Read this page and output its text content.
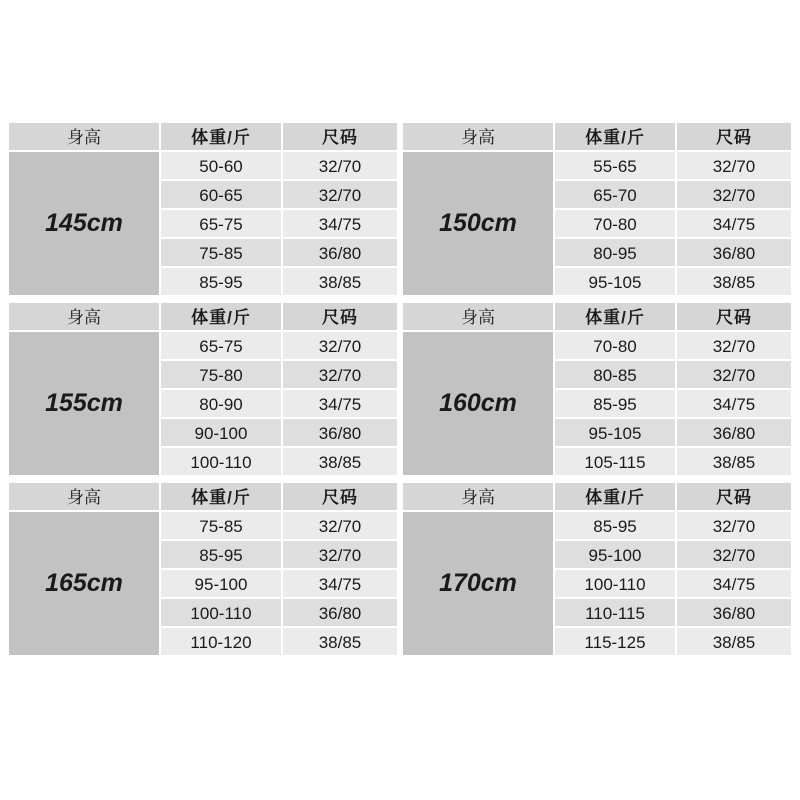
身高	体重/斤	尺码
145cm
50-60	32/70
60-65	32/70
65-75	34/75
75-85	36/80
85-95	38/85
身高	体重/斤	尺码
150cm
55-65	32/70
65-70	32/70
70-80	34/75
80-95	36/80
95-105	38/85
身高	体重/斤	尺码
155cm
65-75	32/70
75-80	32/70
80-90	34/75
90-100	36/80
100-110	38/85
身高	体重/斤	尺码
160cm
70-80	32/70
80-85	32/70
85-95	34/75
95-105	36/80
105-115	38/85
身高	体重/斤	尺码
165cm
75-85	32/70
85-95	32/70
95-100	34/75
100-110	36/80
110-120	38/85
身高	体重/斤	尺码
170cm
85-95	32/70
95-100	32/70
100-110	34/75
110-115	36/80
115-125	38/85
